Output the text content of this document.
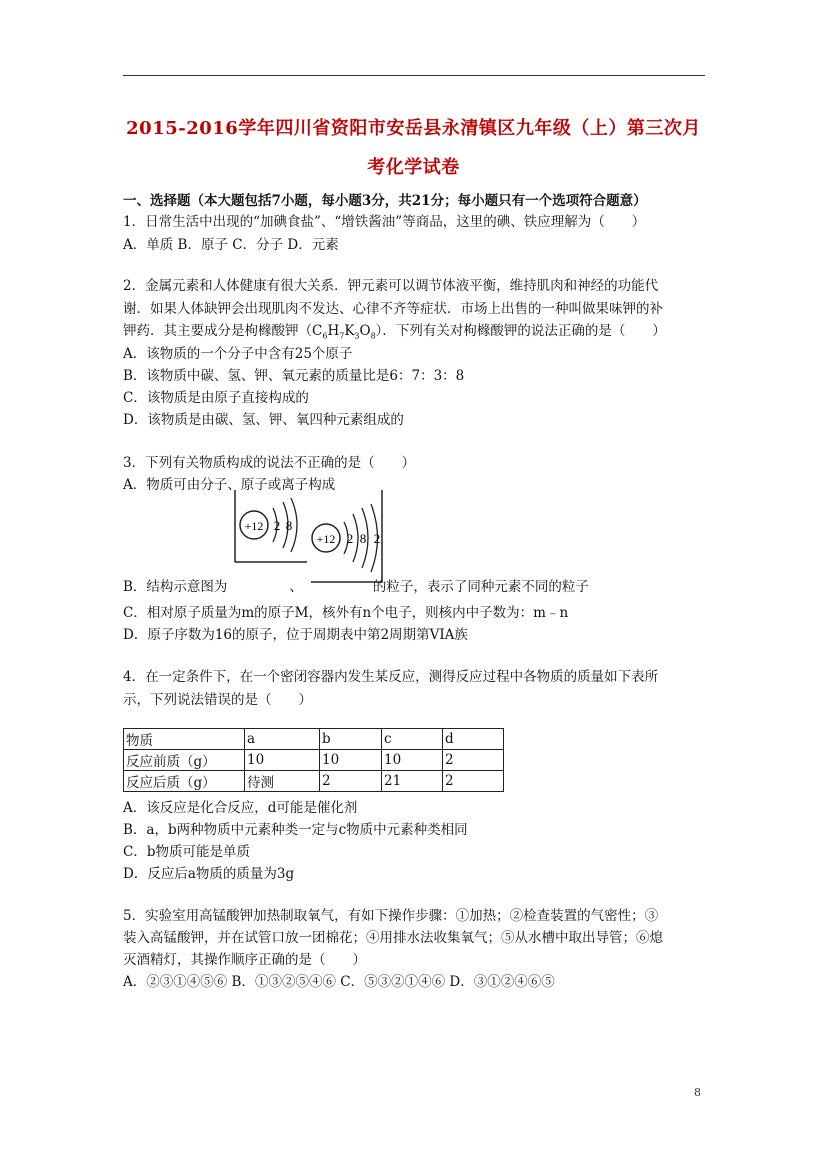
2015-2016学年四川省资阳市安岳县永清镇区九年级（上）第三次月
考化学试卷
一、选择题（本大题包括7小题，每小题3分，共21分；每小题只有一个选项符合题意）
1．日常生活中出现的“加碘食盐”、“增铁酱油”等商品，这里的碘、铁应理解为（　　）
A．单质 B．原子 C．分子 D．元素
2．金属元素和人体健康有很大关系．钾元素可以调节体液平衡，维持肌肉和神经的功能代
谢．如果人体缺钾会出现肌肉不发达、心律不齐等症状．市场上出售的一种叫做果味钾的补
钾药．其主要成分是枸橼酸钾$(C_6H_7K_3O_8)$．下列有关对枸橼酸钾的说法正确的是（　　）
A．该物质的一个分子中含有25个原子
B．该物质中碳、氢、钾、氧元素的质量比是6：7：3：8
C．该物质是由原子直接构成的
D．该物质是由碳、氢、钾、氧四种元素组成的
3．下列有关物质构成的说法不正确的是（　　）
A．物质可由分子、原子或离子构成
+12 2 8
+12 2 8 2
B．结构示意图为	、	的粒子，表示了同种元素不同的粒子
C．相对原子质量为m的原子M，核外有n个电子，则核内中子数为：m﹣n
D．原子序数为16的原子，位于周期表中第2周期第VIA族
4．在一定条件下，在一个密闭容器内发生某反应，测得反应过程中各物质的质量如下表所
示，下列说法错误的是（　　）
物质	a	b	c	d
反应前质（g）	10	10	10	2
反应后质（g）	待测	2	21	2
A．该反应是化合反应，d可能是催化剂
B．a，b两种物质中元素种类一定与c物质中元素种类相同
C．b物质可能是单质
D．反应后a物质的质量为3g
5．实验室用高锰酸钾加热制取氧气，有如下操作步骤：①加热；②检查装置的气密性；③
装入高锰酸钾，并在试管口放一团棉花；④用排水法收集氧气；⑤从水槽中取出导管；⑥熄
灭酒精灯，其操作顺序正确的是（　　）
A．②③①④⑤⑥ B．①③②⑤④⑥ C．⑤③②①④⑥ D．③①②④⑥⑤
8
